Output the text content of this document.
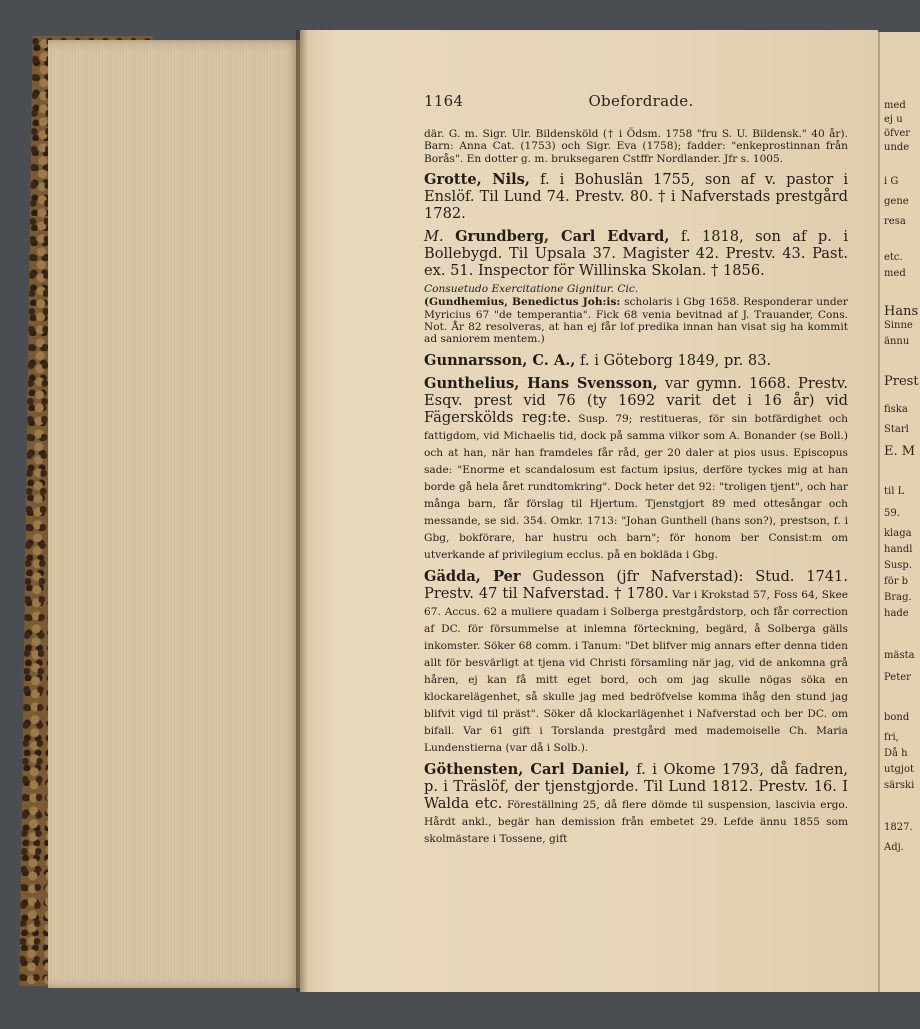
med
ej u
öfver
unde
i G
gene
resa
etc.
med
Hans
Sinne
ännu
Prest
fiska
Starl
E. M
til L
59.
klaga
handl
Susp.
för b
Brag.
hade
mästa
Peter
bond
fri,
Då h
utgjot
särski
1827.
Adj.
1164	Obefordrade.

där. G. m. Sigr. Ulr. Bildensköld († i Ödsm. 1758 "fru S. U. Bildensk." 40 år). Barn: Anna Cat. (1753) och Sigr. Eva (1758); fadder: "enkeprostinnan från Borås". En dotter g. m. bruksegaren Cstffr Nordlander. Jfr s. 1005.

Grotte, Nils, f. i Bohuslän 1755, son af v. pastor i Enslöf. Til Lund 74. Prestv. 80. † i Nafverstads prestgård 1782.

M. Grundberg, Carl Edvard, f. 1818, son af p. i Bollebygd. Til Upsala 37. Magister 42. Prestv. 43. Past. ex. 51. Inspector för Willinska Skolan. † 1856.
Consuetudo Exercitatione Gignitur. Cic.

(Gundhemius, Benedictus Joh:is: scholaris i Gbg 1658. Responderar under Myricius 67 "de temperantia". Fick 68 venia bevitnad af J. Trauander, Cons. Not. År 82 resolveras, at han ej får lof predika innan han visat sig ha kommit ad saniorem mentem.)

Gunnarsson, C. A., f. i Göteborg 1849, pr. 83.

Gunthelius, Hans Svensson, var gymn. 1668. Prestv. Esqv. prest vid 76 (ty 1692 varit det i 16 år) vid Fägerskölds reg:te. Susp. 79; restitueras, för sin botfärdighet och fattigdom, vid Michaelis tid, dock på samma vilkor som A. Bonander (se Boll.) och at han, när han framdeles får råd, ger 20 daler at pios usus. Episcopus sade: "Enorme et scandalosum est factum ipsius, derföre tyckes mig at han borde gå hela året rundtomkring". Dock heter det 92: "troligen tjent", och har många barn, får förslag til Hjertum. Tjenstgjort 89 med ottesångar och messande, se sid. 354. Omkr. 1713: "Johan Gunthell (hans son?), prestson, f. i Gbg, bokförare, har hustru och barn"; för honom ber Consist:m om utverkande af privilegium ecclus. på en bokläda i Gbg.

Gädda, Per Gudesson (jfr Nafverstad): Stud. 1741. Prestv. 47 til Nafverstad. † 1780. Var i Krokstad 57, Foss 64, Skee 67. Accus. 62 a muliere quadam i Solberga prestgårdstorp, och får correction af DC. för försummelse at inlemna förteckning, begärd, å Solberga gälls inkomster. Söker 68 comm. i Tanum: "Det blifver mig annars efter denna tiden allt för besvärligt at tjena vid Christi församling när jag, vid de ankomna grå håren, ej kan få mitt eget bord, och om jag skulle nögas söka en klockarelägenhet, så skulle jag med bedröfvelse komma ihåg den stund jag blifvit vigd til präst". Söker då klockarlägenhet i Nafverstad och ber DC. om bifall. Var 61 gift i Torslanda prestgård med mademoiselle Ch. Maria Lundenstierna (var då i Solb.).

Göthensten, Carl Daniel, f. i Okome 1793, då fadren, p. i Träslöf, der tjenstgjorde. Til Lund 1812. Prestv. 16. I Walda etc. Föreställning 25, då flere dömde til suspension, lascivia ergo. Hårdt ankl., begär han demission från embetet 29. Lefde ännu 1855 som skolmästare i Tossene, gift
